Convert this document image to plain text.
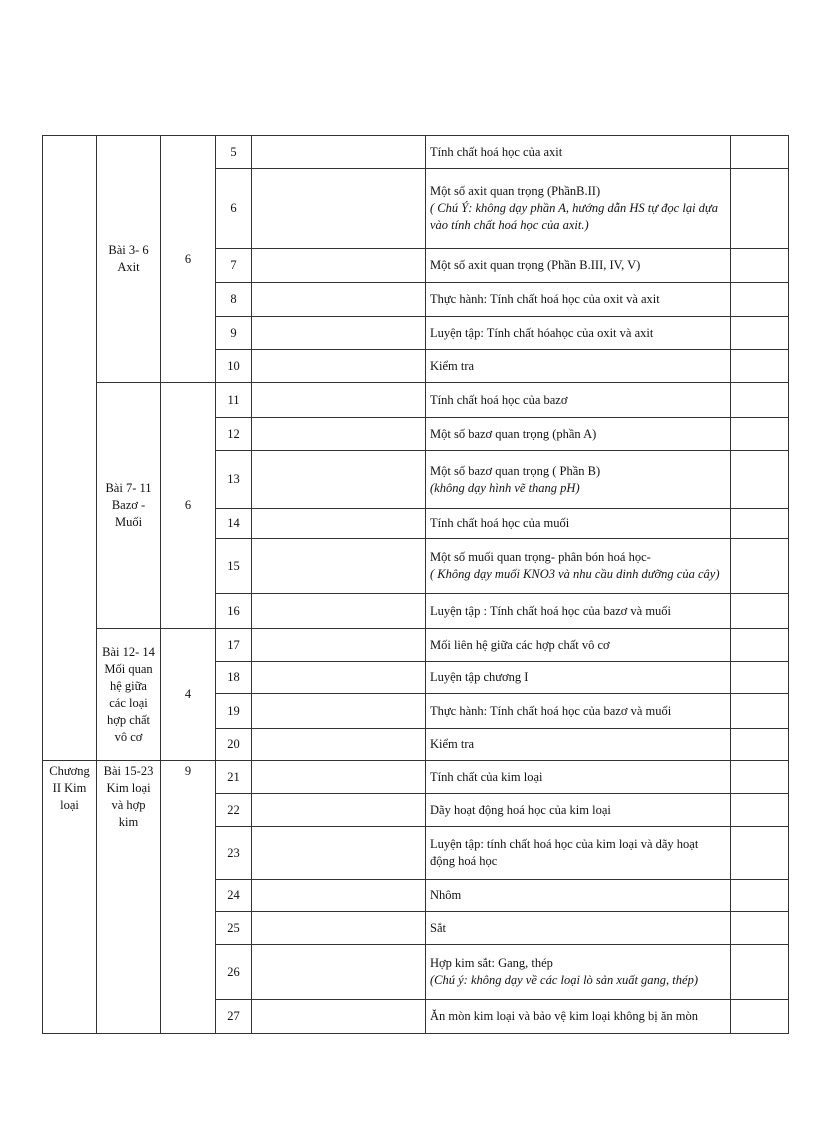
	Bài 3- 6 Axit	6	5		Tính chất hoá học của axit	
			6		Một số axit quan trọng (PhầnB.II)
( Chú Ý: không dạy phần A, hướng dẫn HS tự đọc lại dựa vào tính chất hoá học của axit.)	

			7		Một số axit quan trọng (Phần B.III, IV, V)	
			8		Thực hành: Tính chất hoá học của oxit và axit	
			9		Luyện tập: Tính chất hóahọc của oxit và axit	
			10		Kiểm tra	
	Bài 7- 11 Bazơ - Muối	6	11		Tính chất hoá học của bazơ	
			12		Một số bazơ quan trọng (phần A)	
			13		Một số bazơ quan trọng ( Phần B)
(không dạy hình vẽ thang pH)	

			14		Tính chất hoá học của muối	
			15		Một số muối quan trọng- phân bón hoá học-
( Không dạy muối KNO3 và nhu cầu dinh dưỡng của cây)	

			16		Luyện tập : Tính chất hoá học của bazơ và muối	
	Bài 12- 14 Mối quan hệ giữa các loại hợp chất vô cơ	4	17		Mối liên hệ giữa các hợp chất vô cơ	
			18		Luyện tập chương I	
			19		Thực hành: Tính chất hoá học của bazơ và muối	
			20		Kiểm tra	
Chương II Kim loại	Bài 15-23 Kim loại và hợp kim	9	21		Tính chất của kim loại	
			22		Dãy hoạt động hoá học của kim loại	
			23		Luyện tập: tính chất hoá học của kim loại và dãy hoạt động hoá học	
			24		Nhôm	
			25		Sắt	
			26		Hợp kim sắt: Gang, thép
(Chú ý: không dạy về các loại lò sản xuất gang, thép)	

			27		Ăn mòn kim loại và bảo vệ kim loại không bị ăn mòn	
